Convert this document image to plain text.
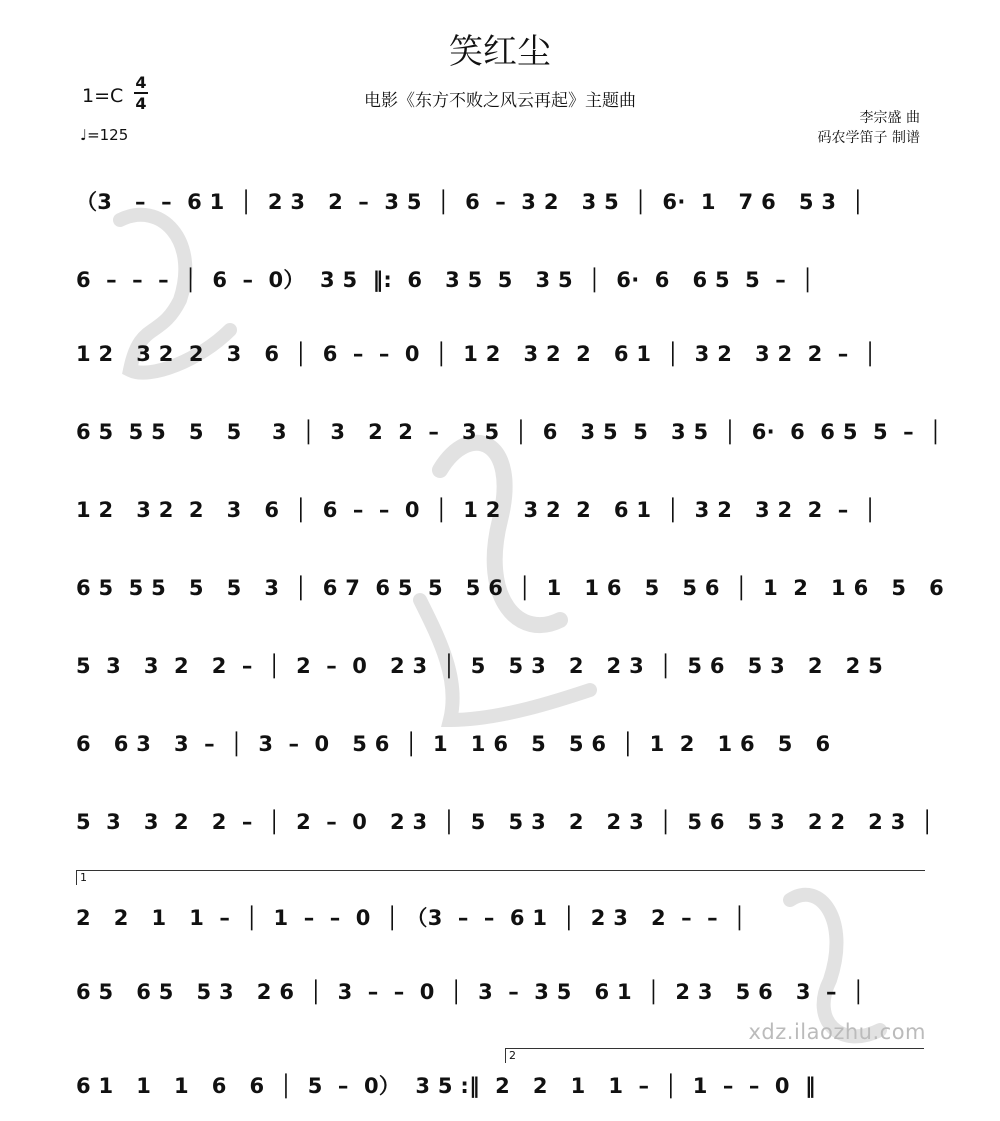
笑红尘
电影《东方不败之风云再起》主题曲
1=C
4
4
♩=125
李宗盛 曲
码农学笛子 制谱
（3   –  –  6 1  │  2 3   2  –  3 5  │  6  –  3 2   3 5  │  6·  1   7 6   5 3  │
6  –  –  –  │  6  –  0）  3 5  ‖:  6   3 5  5   3 5  │  6·  6   6 5  5  –  │
1 2   3 2  2   3   6  │  6  –  –  0  │  1 2   3 2  2   6 1  │  3 2   3 2  2  –  │
6 5  5 5   5   5    3  │  3   2  2  –   3 5  │  6   3 5  5   3 5  │  6·  6  6 5  5  –  │
1 2   3 2  2   3   6  │  6  –  –  0  │  1 2   3 2  2   6 1  │  3 2   3 2  2  –  │
6 5  5 5   5   5   3  │  6 7  6 5  5   5 6  │  1   1 6   5   5 6  │  1  2   1 6   5   6
5  3   3  2   2  –  │  2  –  0   2 3  │  5   5 3   2   2 3  │  5 6   5 3   2   2 5
6   6 3   3  –  │  3  –  0   5 6  │  1   1 6   5   5 6  │  1  2   1 6   5   6
5  3   3  2   2  –  │  2  –  0   2 3  │  5   5 3   2   2 3  │  5 6   5 3   2 2   2 3  │
1
2   2   1   1  –  │  1  –  –  0  │ （3  –  –  6 1  │  2 3   2  –  –  │
6 5   6 5   5 3   2 6  │  3  –  –  0  │  3  –  3 5   6 1  │  2 3   5 6   3  –  │
2
6 1   1   1   6   6  │  5  –  0）  3 5 :‖  2   2   1   1  –  │  1  –  –  0  ‖
xdz.ilaozhu.com
